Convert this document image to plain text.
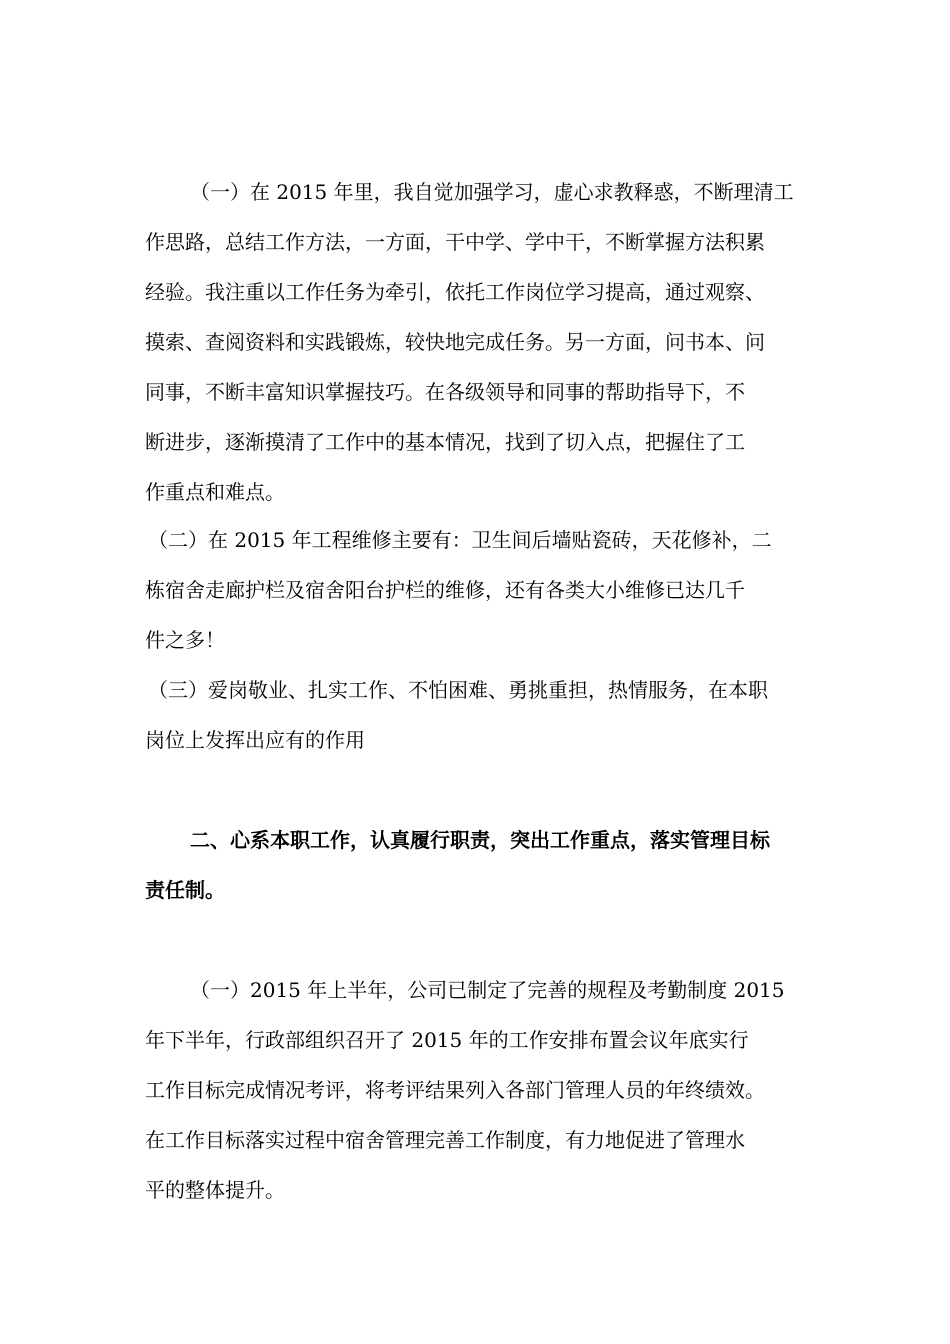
（一）在 2015 年里，我自觉加强学习，虚心求教释惑，不断理清工
作思路，总结工作方法，一方面，干中学、学中干，不断掌握方法积累
经验。我注重以工作任务为牵引，依托工作岗位学习提高，通过观察、
摸索、查阅资料和实践锻炼，较快地完成任务。另一方面，问书本、问
同事，不断丰富知识掌握技巧。在各级领导和同事的帮助指导下，不
断进步，逐渐摸清了工作中的基本情况，找到了切入点，把握住了工
作重点和难点。
（二）在 2015 年工程维修主要有：卫生间后墙贴瓷砖，天花修补，二
栋宿舍走廊护栏及宿舍阳台护栏的维修，还有各类大小维修已达几千
件之多！
（三）爱岗敬业、扎实工作、不怕困难、勇挑重担，热情服务，在本职
岗位上发挥出应有的作用
二、心系本职工作，认真履行职责，突出工作重点，落实管理目标
责任制。
（一）2015 年上半年，公司已制定了完善的规程及考勤制度 2015
年下半年，行政部组织召开了 2015 年的工作安排布置会议年底实行
工作目标完成情况考评，将考评结果列入各部门管理人员的年终绩效。
在工作目标落实过程中宿舍管理完善工作制度，有力地促进了管理水
平的整体提升。
